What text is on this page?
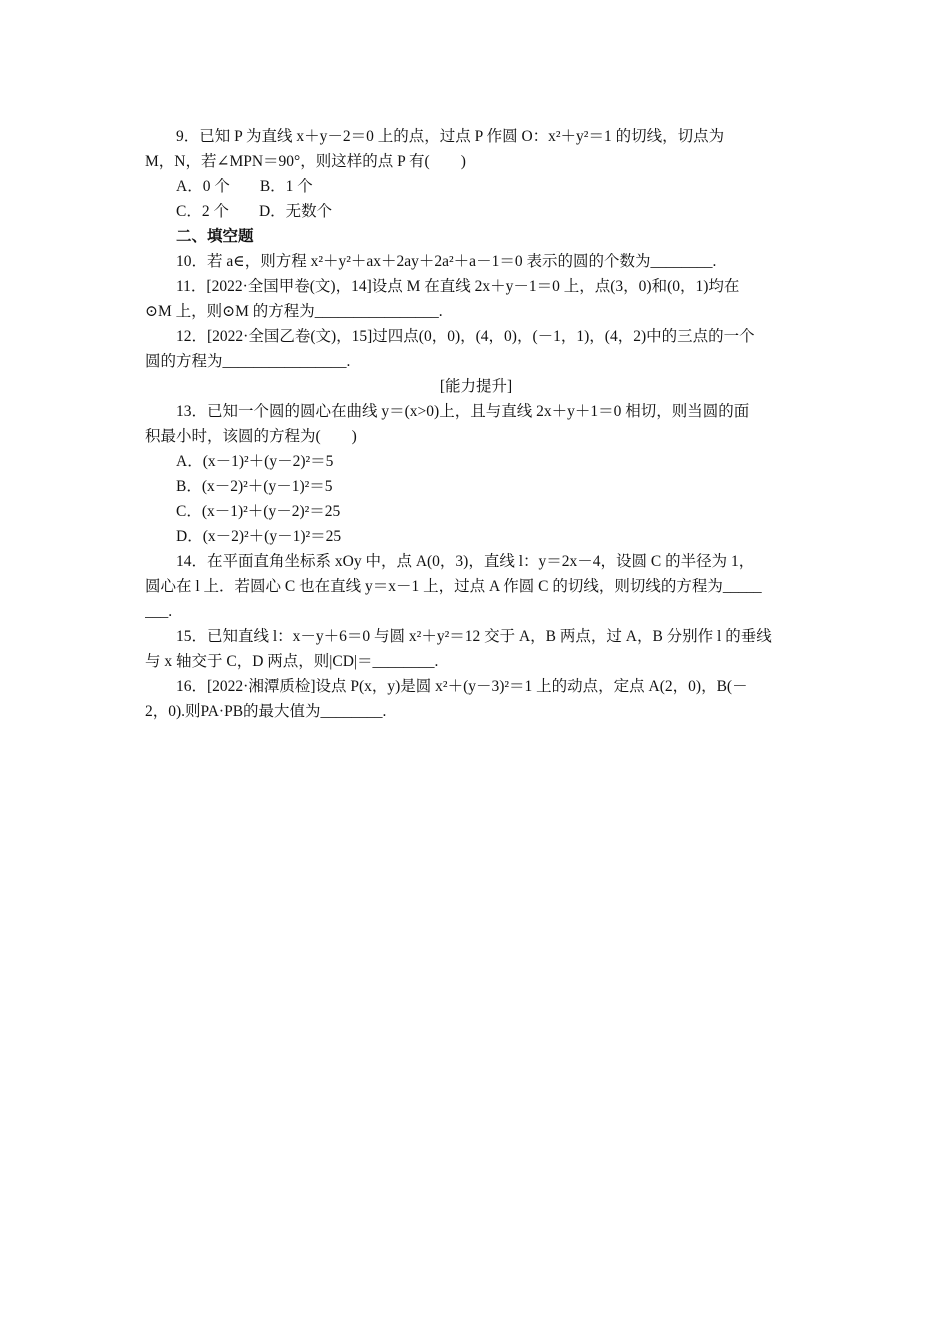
9．已知 P 为直线 x＋y－2＝0 上的点，过点 P 作圆 O：x²＋y²＝1 的切线，切点为
M，N，若∠MPN＝90°，则这样的点 P 有(　　)
A．0 个 B．1 个
C．2 个 D．无数个
二、填空题
10．若 a∈，则方程 x²＋y²＋ax＋2ay＋2a²＋a－1＝0 表示的圆的个数为________.
11．[2022·全国甲卷(文)，14]设点 M 在直线 2x＋y－1＝0 上，点(3，0)和(0，1)均在
⊙M 上，则⊙M 的方程为________________.
12．[2022·全国乙卷(文)，15]过四点(0，0)，(4，0)，(－1，1)，(4，2)中的三点的一个
圆的方程为________________.
[能力提升]
13．已知一个圆的圆心在曲线 y＝(x>0)上，且与直线 2x＋y＋1＝0 相切，则当圆的面
积最小时，该圆的方程为(　　)
A．(x－1)²＋(y－2)²＝5
B．(x－2)²＋(y－1)²＝5
C．(x－1)²＋(y－2)²＝25
D．(x－2)²＋(y－1)²＝25
14．在平面直角坐标系 xOy 中，点 A(0，3)，直线 l：y＝2x－4，设圆 C 的半径为 1，
圆心在 l 上．若圆心 C 也在直线 y＝x－1 上，过点 A 作圆 C 的切线，则切线的方程为_____
___.
15．已知直线 l：x－y＋6＝0 与圆 x²＋y²＝12 交于 A，B 两点，过 A，B 分别作 l 的垂线
与 x 轴交于 C，D 两点，则|CD|＝________.
16．[2022·湘潭质检]设点 P(x，y)是圆 x²＋(y－3)²＝1 上的动点，定点 A(2，0)，B(－
2，0).则PA·PB的最大值为________.
